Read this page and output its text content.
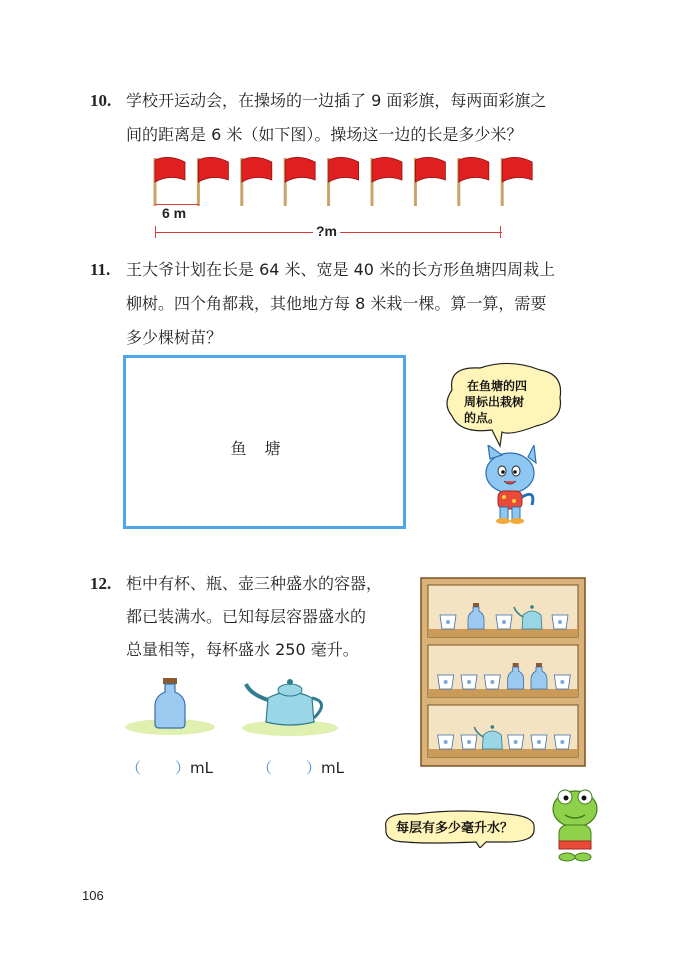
10. 学校开运动会，在操场的一边插了 9 面彩旗，每两面彩旗之
间的距离是 6 米（如下图）。操场这一边的长是多少米？
6 m
?m
11. 王大爷计划在长是 64 米、宽是 40 米的长方形鱼塘四周栽上
柳树。四个角都栽，其他地方每 8 米栽一棵。算一算，需要
多少棵树苗？
鱼塘
在鱼塘的四
周标出栽树
的点。
12. 柜中有杯、瓶、壶三种盛水的容器，
都已装满水。已知每层容器盛水的
总量相等，每杯盛水 250 毫升。
（ ）mL	（ ）mL
每层有多少毫升水？
106
